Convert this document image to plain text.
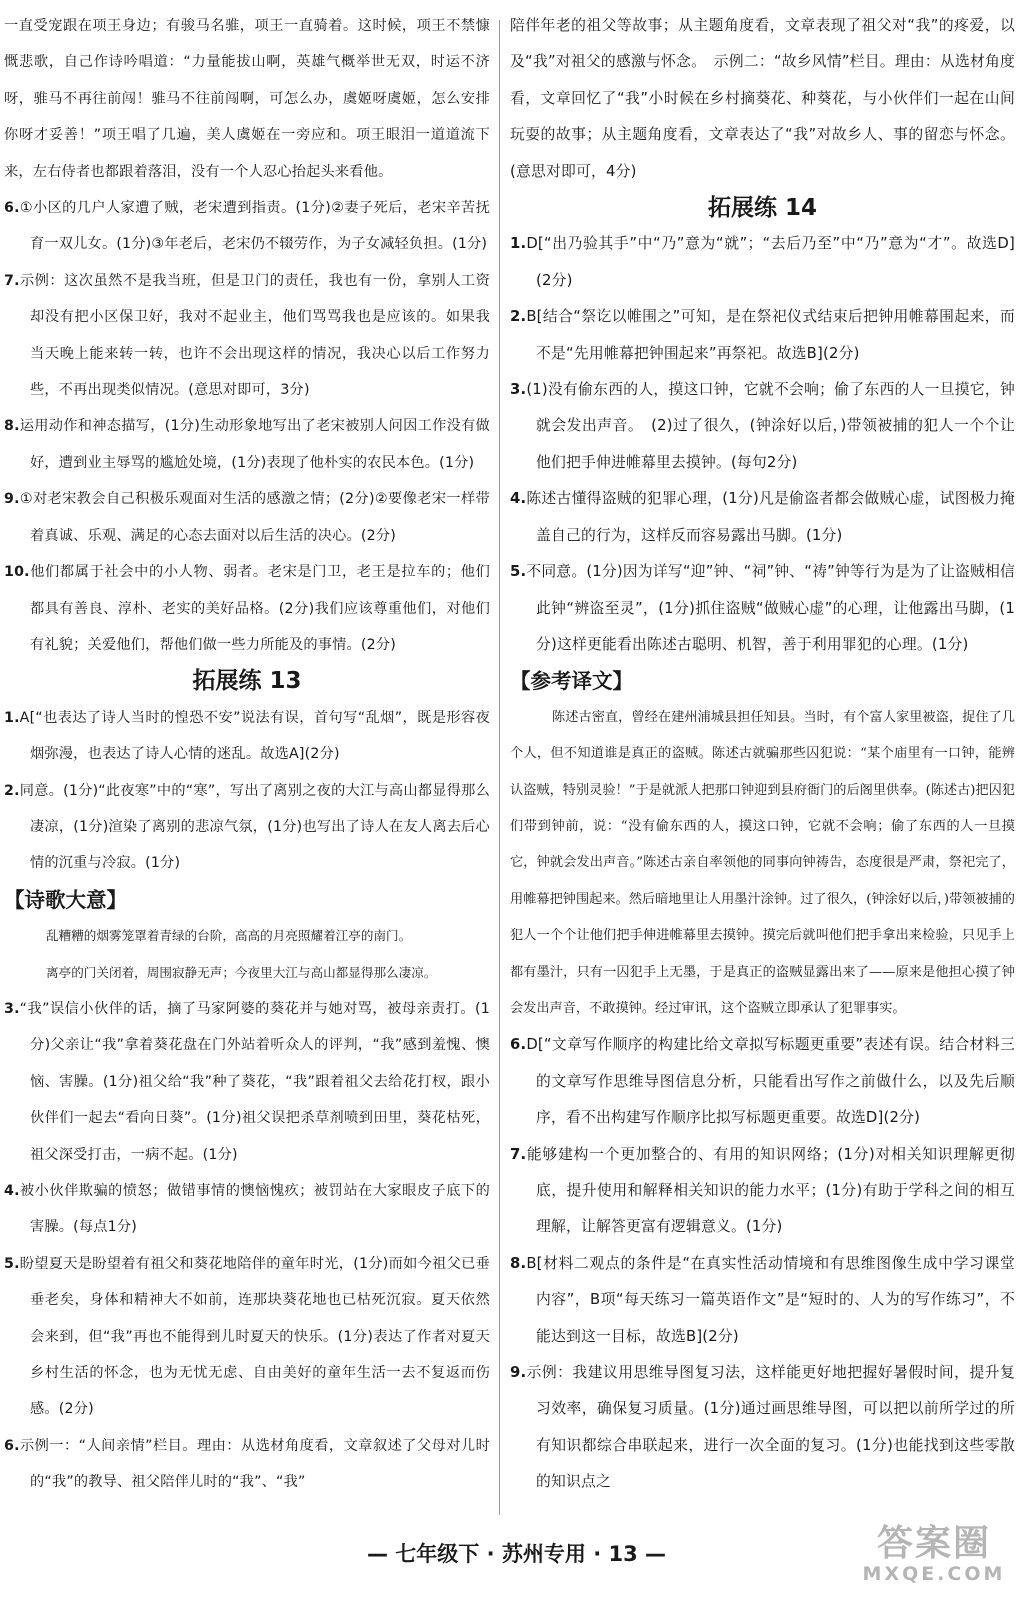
一直受宠跟在项王身边；有骏马名骓，项王一直骑着。这时候，项王不禁慷慨悲歌，自己作诗吟唱道：“力量能拔山啊，英雄气概举世无双，时运不济呀，骓马不再往前闯！骓马不往前闯啊，可怎么办，虞姬呀虞姬，怎么安排你呀才妥善！”项王唱了几遍，美人虞姬在一旁应和。项王眼泪一道道流下来，左右侍者也都跟着落泪，没有一个人忍心抬起头来看他。

6.①小区的几户人家遭了贼，老宋遭到指责。(1分)②妻子死后，老宋辛苦抚育一双儿女。(1分)③年老后，老宋仍不辍劳作，为子女减轻负担。(1分)

7.示例：这次虽然不是我当班，但是卫门的责任，我也有一份，拿别人工资却没有把小区保卫好，我对不起业主，他们骂骂我也是应该的。如果我当天晚上能来转一转，也许不会出现这样的情况，我决心以后工作努力些，不再出现类似情况。(意思对即可，3分)

8.运用动作和神态描写，(1分)生动形象地写出了老宋被别人问因工作没有做好，遭到业主辱骂的尴尬处境，(1分)表现了他朴实的农民本色。(1分)

9.①对老宋教会自己积极乐观面对生活的感激之情；(2分)②要像老宋一样带着真诚、乐观、满足的心态去面对以后生活的决心。(2分)

10.他们都属于社会中的小人物、弱者。老宋是门卫，老王是拉车的；他们都具有善良、淳朴、老实的美好品格。(2分)我们应该尊重他们，对他们有礼貌；关爱他们，帮他们做一些力所能及的事情。(2分)

拓展练 13

1.A[“也表达了诗人当时的惶恐不安”说法有误，首句写“乱烟”，既是形容夜烟弥漫，也表达了诗人心情的迷乱。故选A](2分)

2.同意。(1分)“此夜寒”中的“寒”，写出了离别之夜的大江与高山都显得那么凄凉，(1分)渲染了离别的悲凉气氛，(1分)也写出了诗人在友人离去后心情的沉重与冷寂。(1分)

【诗歌大意】

乱糟糟的烟雾笼罩着青绿的台阶，高高的月亮照耀着江亭的南门。

离亭的门关闭着，周围寂静无声；今夜里大江与高山都显得那么凄凉。

3.“我”误信小伙伴的话，摘了马家阿婆的葵花并与她对骂，被母亲责打。(1分)父亲让“我”拿着葵花盘在门外站着听众人的评判，“我”感到羞愧、懊恼、害臊。(1分)祖父给“我”种了葵花，“我”跟着祖父去给花打杈，跟小伙伴们一起去“看向日葵”。(1分)祖父误把杀草剂喷到田里，葵花枯死，祖父深受打击，一病不起。(1分)

4.被小伙伴欺骗的愤怒；做错事情的懊恼愧疚；被罚站在大家眼皮子底下的害臊。(每点1分)

5.盼望夏天是盼望着有祖父和葵花地陪伴的童年时光，(1分)而如今祖父已垂垂老矣，身体和精神大不如前，连那块葵花地也已枯死沉寂。夏天依然会来到，但“我”再也不能得到儿时夏天的快乐。(1分)表达了作者对夏天乡村生活的怀念，也为无忧无虑、自由美好的童年生活一去不复返而伤感。(2分)

6.示例一：“人间亲情”栏目。理由：从选材角度看，文章叙述了父母对儿时的“我”的教导、祖父陪伴儿时的“我”、“我”

陪伴年老的祖父等故事；从主题角度看，文章表现了祖父对“我”的疼爱，以及“我”对祖父的感激与怀念。　示例二：“故乡风情”栏目。理由：从选材角度看，文章回忆了“我”小时候在乡村摘葵花、种葵花，与小伙伴们一起在山间玩耍的故事；从主题角度看，文章表达了“我”对故乡人、事的留恋与怀念。(意思对即可，4分)

拓展练 14

1.D[“出乃验其手”中“乃”意为“就”；“去后乃至”中“乃”意为“才”。故选D](2分)

2.B[结合“祭讫以帷围之”可知，是在祭祀仪式结束后把钟用帷幕围起来，而不是“先用帷幕把钟围起来”再祭祀。故选B](2分)

3.(1)没有偷东西的人，摸这口钟，它就不会响；偷了东西的人一旦摸它，钟就会发出声音。　(2)过了很久，(钟涂好以后，)带领被捕的犯人一个个让他们把手伸进帷幕里去摸钟。(每句2分)

4.陈述古懂得盗贼的犯罪心理，(1分)凡是偷盗者都会做贼心虚，试图极力掩盖自己的行为，这样反而容易露出马脚。(1分)

5.不同意。(1分)因为详写“迎”钟、“祠”钟、“祷”钟等行为是为了让盗贼相信此钟“辨盗至灵”，(1分)抓住盗贼“做贼心虚”的心理，让他露出马脚，(1分)这样更能看出陈述古聪明、机智，善于利用罪犯的心理。(1分)

【参考译文】

陈述古密直，曾经在建州浦城县担任知县。当时，有个富人家里被盗，捉住了几个人，但不知道谁是真正的盗贼。陈述古就骗那些囚犯说：“某个庙里有一口钟，能辨认盗贼，特别灵验！”于是就派人把那口钟迎到县府衙门的后阁里供奉。(陈述古)把囚犯们带到钟前，说：“没有偷东西的人，摸这口钟，它就不会响；偷了东西的人一旦摸它，钟就会发出声音。”陈述古亲自率领他的同事向钟祷告，态度很是严肃，祭祀完了，用帷幕把钟围起来。然后暗地里让人用墨汁涂钟。过了很久，(钟涂好以后，)带领被捕的犯人一个个让他们把手伸进帷幕里去摸钟。摸完后就叫他们把手拿出来检验，只见手上都有墨汁，只有一囚犯手上无墨，于是真正的盗贼显露出来了——原来是他担心摸了钟会发出声音，不敢摸钟。经过审讯，这个盗贼立即承认了犯罪事实。

6.D[“文章写作顺序的构建比给文章拟写标题更重要”表述有误。结合材料三的文章写作思维导图信息分析，只能看出写作之前做什么，以及先后顺序，看不出构建写作顺序比拟写标题更重要。故选D](2分)

7.能够建构一个更加整合的、有用的知识网络；(1分)对相关知识理解更彻底，提升使用和解释相关知识的能力水平；(1分)有助于学科之间的相互理解，让解答更富有逻辑意义。(1分)

8.B[材料二观点的条件是“在真实性活动情境和有思维图像生成中学习课堂内容”，B项“每天练习一篇英语作文”是“短时的、人为的写作练习”，不能达到这一目标，故选B](2分)

9.示例：我建议用思维导图复习法，这样能更好地把握好暑假时间，提升复习效率，确保复习质量。(1分)通过画思维导图，可以把以前所学过的所有知识都综合串联起来，进行一次全面的复习。(1分)也能找到这些零散的知识点之

— 七年级下 · 苏州专用 · 13 —	答案圈
MXQE.COM
